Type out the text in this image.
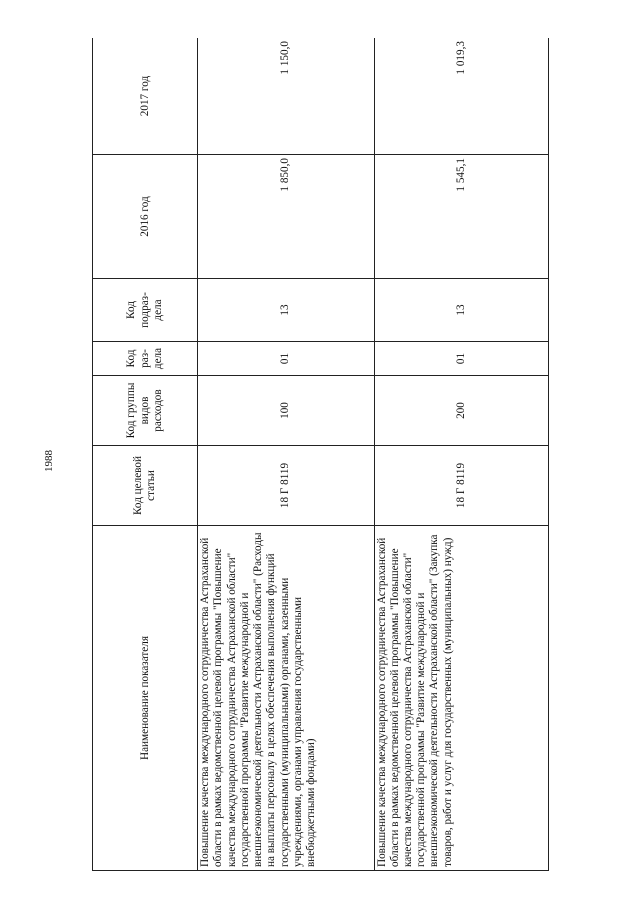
1988
Наименование показателя	Код целевой статьи	Код группы видов расходов	Код раз-дела	Код подраз-дела	2016 год	2017 год
Повышение качества международного сотрудничества Астраханской области в рамках ведомственной целевой программы "Повышение качества международного сотрудничества Астраханской области" государственной программы "Развитие международной и внешнеэкономической деятельности Астраханской области" (Расходы на выплаты персоналу в целях обеспечения выполнения функций государственными (муниципальными) органами, казенными учреждениями, органами управления государственными внебюджетными фондами)	18 Г 8119	100	01	13	1 850,0	1 150,0
Повышение качества международного сотрудничества Астраханской области в рамках ведомственной целевой программы "Повышение качества международного сотрудничества Астраханской области" государственной программы "Развитие международной и внешнеэкономической деятельности Астраханской области" (Закупка товаров, работ и услуг для государственных (муниципальных) нужд)	18 Г 8119	200	01	13	1 545,1	1 019,3
